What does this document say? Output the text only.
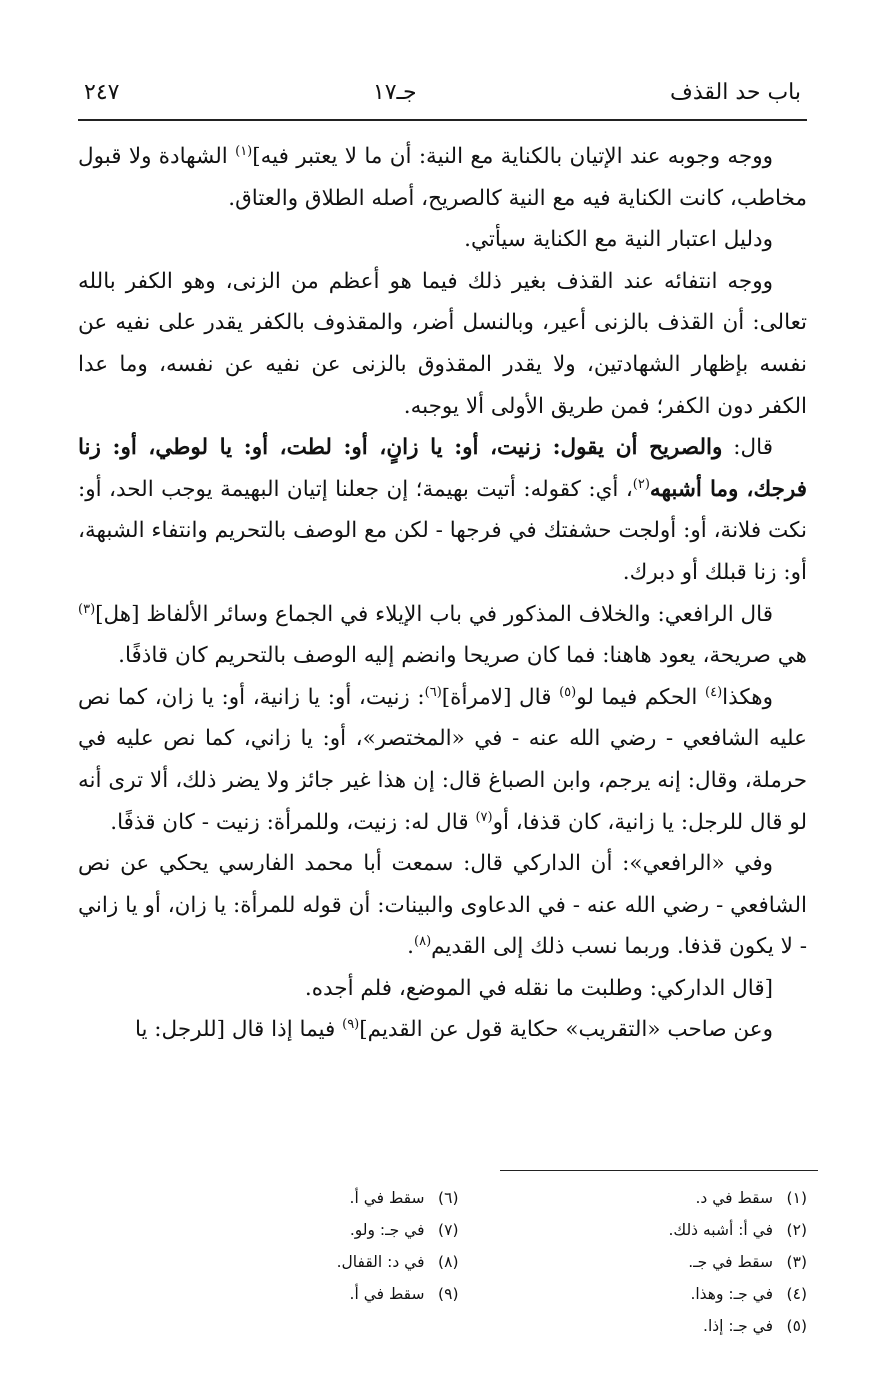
باب حد القذف
جـ١٧
٢٤٧

ووجه وجوبه عند الإتيان بالكناية مع النية: أن ما لا يعتبر فيه]$^{(١)}$ الشهادة ولا قبول مخاطب، كانت الكناية فيه مع النية كالصريح، أصله الطلاق والعتاق.

ودليل اعتبار النية مع الكناية سيأتي.

ووجه انتفائه عند القذف بغير ذلك فيما هو أعظم من الزنى، وهو الكفر بالله تعالى: أن القذف بالزنى أعير، وبالنسل أضر، والمقذوف بالكفر يقدر على نفيه عن نفسه بإظهار الشهادتين، ولا يقدر المقذوق بالزنى عن نفيه عن نفسه، وما عدا الكفر دون الكفر؛ فمن طريق الأولى ألا يوجبه.

قال: والصريح أن يقول: زنيت، أو: يا زانٍ، أو: لطت، أو: يا لوطي، أو: زنا فرجك، وما أشبهه$^{(٢)}$، أي: كقوله: أتيت بهيمة؛ إن جعلنا إتيان البهيمة يوجب الحد، أو: نكت فلانة، أو: أولجت حشفتك في فرجها - لكن مع الوصف بالتحريم وانتفاء الشبهة، أو: زنا قبلك أو دبرك.

قال الرافعي: والخلاف المذكور في باب الإيلاء في الجماع وسائر الألفاظ [هل]$^{(٣)}$ هي صريحة، يعود هاهنا: فما كان صريحا وانضم إليه الوصف بالتحريم كان قاذفًا.

وهكذا$^{(٤)}$ الحكم فيما لو$^{(٥)}$ قال [لامرأة]$^{(٦)}$: زنيت، أو: يا زانية، أو: يا زان، كما نص عليه الشافعي - رضي الله عنه - في «المختصر»، أو: يا زاني، كما نص عليه في حرملة، وقال: إنه يرجم، وابن الصباغ قال: إن هذا غير جائز ولا يضر ذلك، ألا ترى أنه لو قال للرجل: يا زانية، كان قذفا، أو$^{(٧)}$ قال له: زنيت، وللمرأة: زنيت - كان قذفًا.

وفي «الرافعي»: أن الداركي قال: سمعت أبا محمد الفارسي يحكي عن نص الشافعي - رضي الله عنه - في الدعاوى والبينات: أن قوله للمرأة: يا زان، أو يا زاني - لا يكون قذفا. وربما نسب ذلك إلى القديم$^{(٨)}$.

[قال الداركي: وطلبت ما نقله في الموضع، فلم أجده.

وعن صاحب «التقريب» حكاية قول عن القديم]$^{(٩)}$ فيما إذا قال [للرجل: يا

(١)سقط في د.
(٢)في أ: أشبه ذلك.
(٣)سقط في جـ.
(٤)في جـ: وهذا.
(٥)في جـ: إذا.
(٦)سقط في أ.
(٧)في جـ: ولو.
(٨)في د: القفال.
(٩)سقط في أ.
